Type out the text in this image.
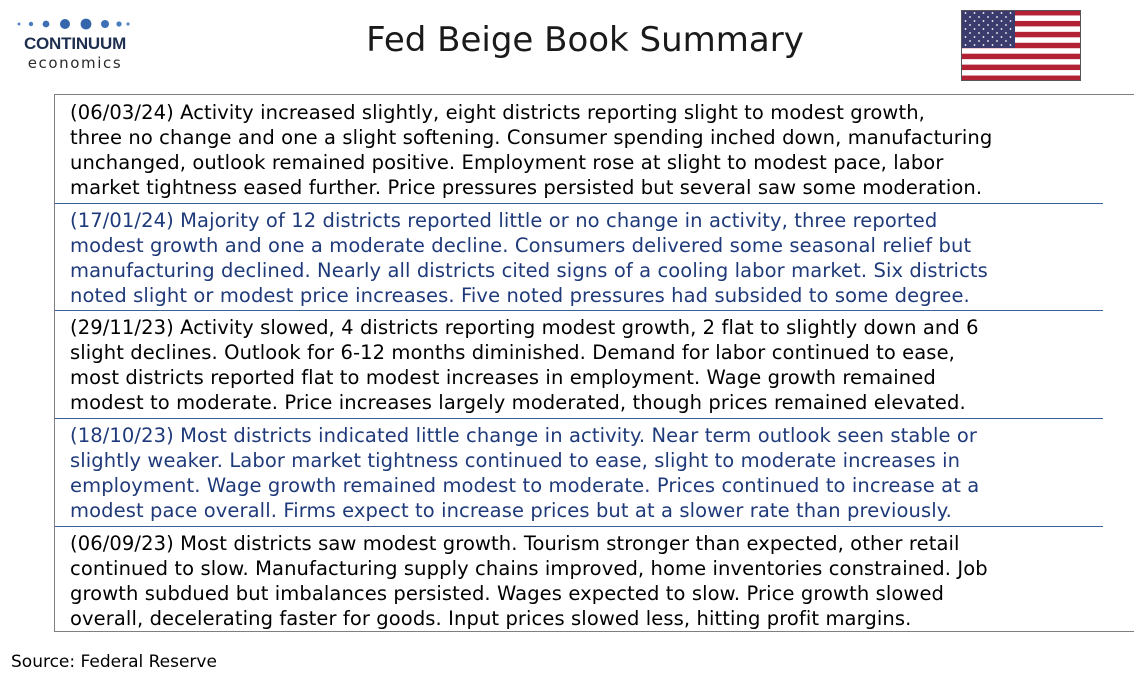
CONTINUUM
economics
Fed Beige Book Summary

(06/03/24) Activity increased slightly, eight districts reporting slight to modest growth,

three no change and one a slight softening. Consumer spending inched down, manufacturing

unchanged, outlook remained positive. Employment rose at slight to modest pace, labor

market tightness eased further. Price pressures persisted but several saw some moderation.

(17/01/24) Majority of 12 districts reported little or no change in activity, three reported

modest growth and one a moderate decline. Consumers delivered some seasonal relief but

manufacturing declined. Nearly all districts cited signs of a cooling labor market. Six districts

noted slight or modest price increases. Five noted pressures had subsided to some degree.

(29/11/23) Activity slowed, 4 districts reporting modest growth, 2 flat to slightly down and 6

slight declines. Outlook for 6-12 months diminished. Demand for labor continued to ease,

most districts reported flat to modest increases in employment. Wage growth remained

modest to moderate. Price increases largely moderated, though prices remained elevated.

(18/10/23) Most districts indicated little change in activity. Near term outlook seen stable or

slightly weaker. Labor market tightness continued to ease, slight to moderate increases in

employment. Wage growth remained modest to moderate. Prices continued to increase at a

modest pace overall. Firms expect to increase prices but at a slower rate than previously.

(06/09/23) Most districts saw modest growth. Tourism stronger than expected, other retail

continued to slow. Manufacturing supply chains improved, home inventories constrained. Job

growth subdued but imbalances persisted. Wages expected to slow. Price growth slowed

overall, decelerating faster for goods. Input prices slowed less, hitting profit margins.

Source: Federal Reserve
